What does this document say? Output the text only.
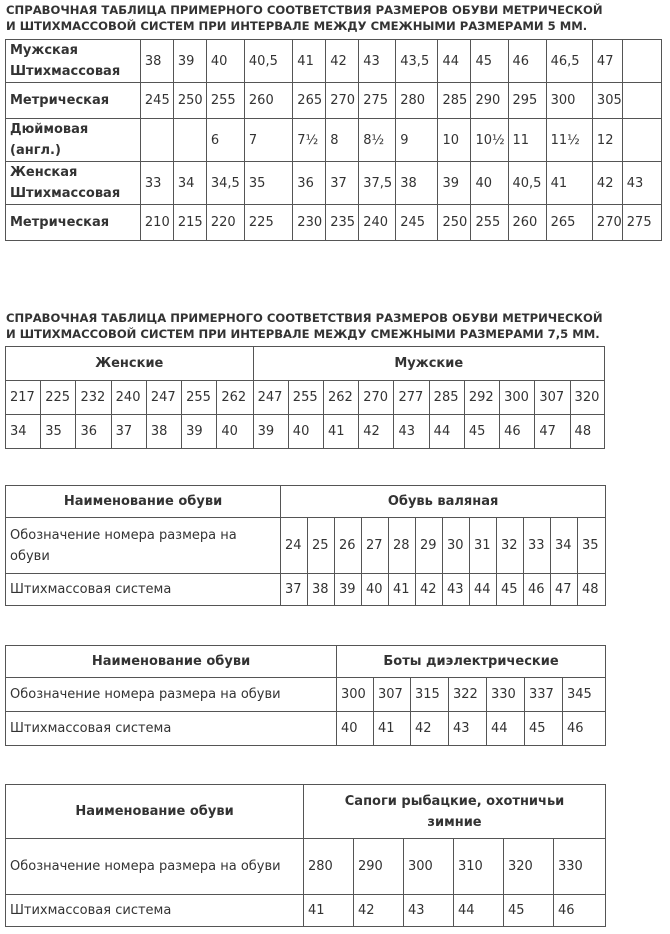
СПРАВОЧНАЯ ТАБЛИЦА ПРИМЕРНОГО СООТВЕТСТВИЯ РАЗМЕРОВ ОБУВИ МЕТРИЧЕСКОЙ
И ШТИХМАССОВОЙ СИСТЕМ ПРИ ИНТЕРВАЛЕ МЕЖДУ СМЕЖНЫМИ РАЗМЕРАМИ 5 ММ.
Мужская Штихмассовая	38	39	40	40,5	41	42	43	43,5	44	45	46	46,5	47	
Метрическая	245	250	255	260	265	270	275	280	285	290	295	300	305	
Дюймовая (англ.)			6	7	7½	8	8½	9	10	10½	11	11½	12	
Женская Штихмассовая	33	34	34,5	35	36	37	37,5	38	39	40	40,5	41	42	43
Метрическая	210	215	220	225	230	235	240	245	250	255	260	265	270	275
СПРАВОЧНАЯ ТАБЛИЦА ПРИМЕРНОГО СООТВЕТСТВИЯ РАЗМЕРОВ ОБУВИ МЕТРИЧЕСКОЙ
И ШТИХМАССОВОЙ СИСТЕМ ПРИ ИНТЕРВАЛЕ МЕЖДУ СМЕЖНЫМИ РАЗМЕРАМИ 7,5 ММ.
Женские							Мужские									
217	225	232	240	247	255	262	247	255	262	270	277	285	292	300	307	320
34	35	36	37	38	39	40	39	40	41	42	43	44	45	46	47	48
Наименование обуви	Обувь валяная											
Обозначение номера размера на обуви	24	25	26	27	28	29	30	31	32	33	34	35
Штихмассовая система	37	38	39	40	41	42	43	44	45	46	47	48
Наименование обуви	Боты диэлектрические						
Обозначение номера размера на обуви	300	307	315	322	330	337	345
Штихмассовая система	40	41	42	43	44	45	46
Наименование обуви	Сапоги рыбацкие, охотничьи зимние					
Обозначение номера размера на обуви	280	290	300	310	320	330
Штихмассовая система	41	42	43	44	45	46
